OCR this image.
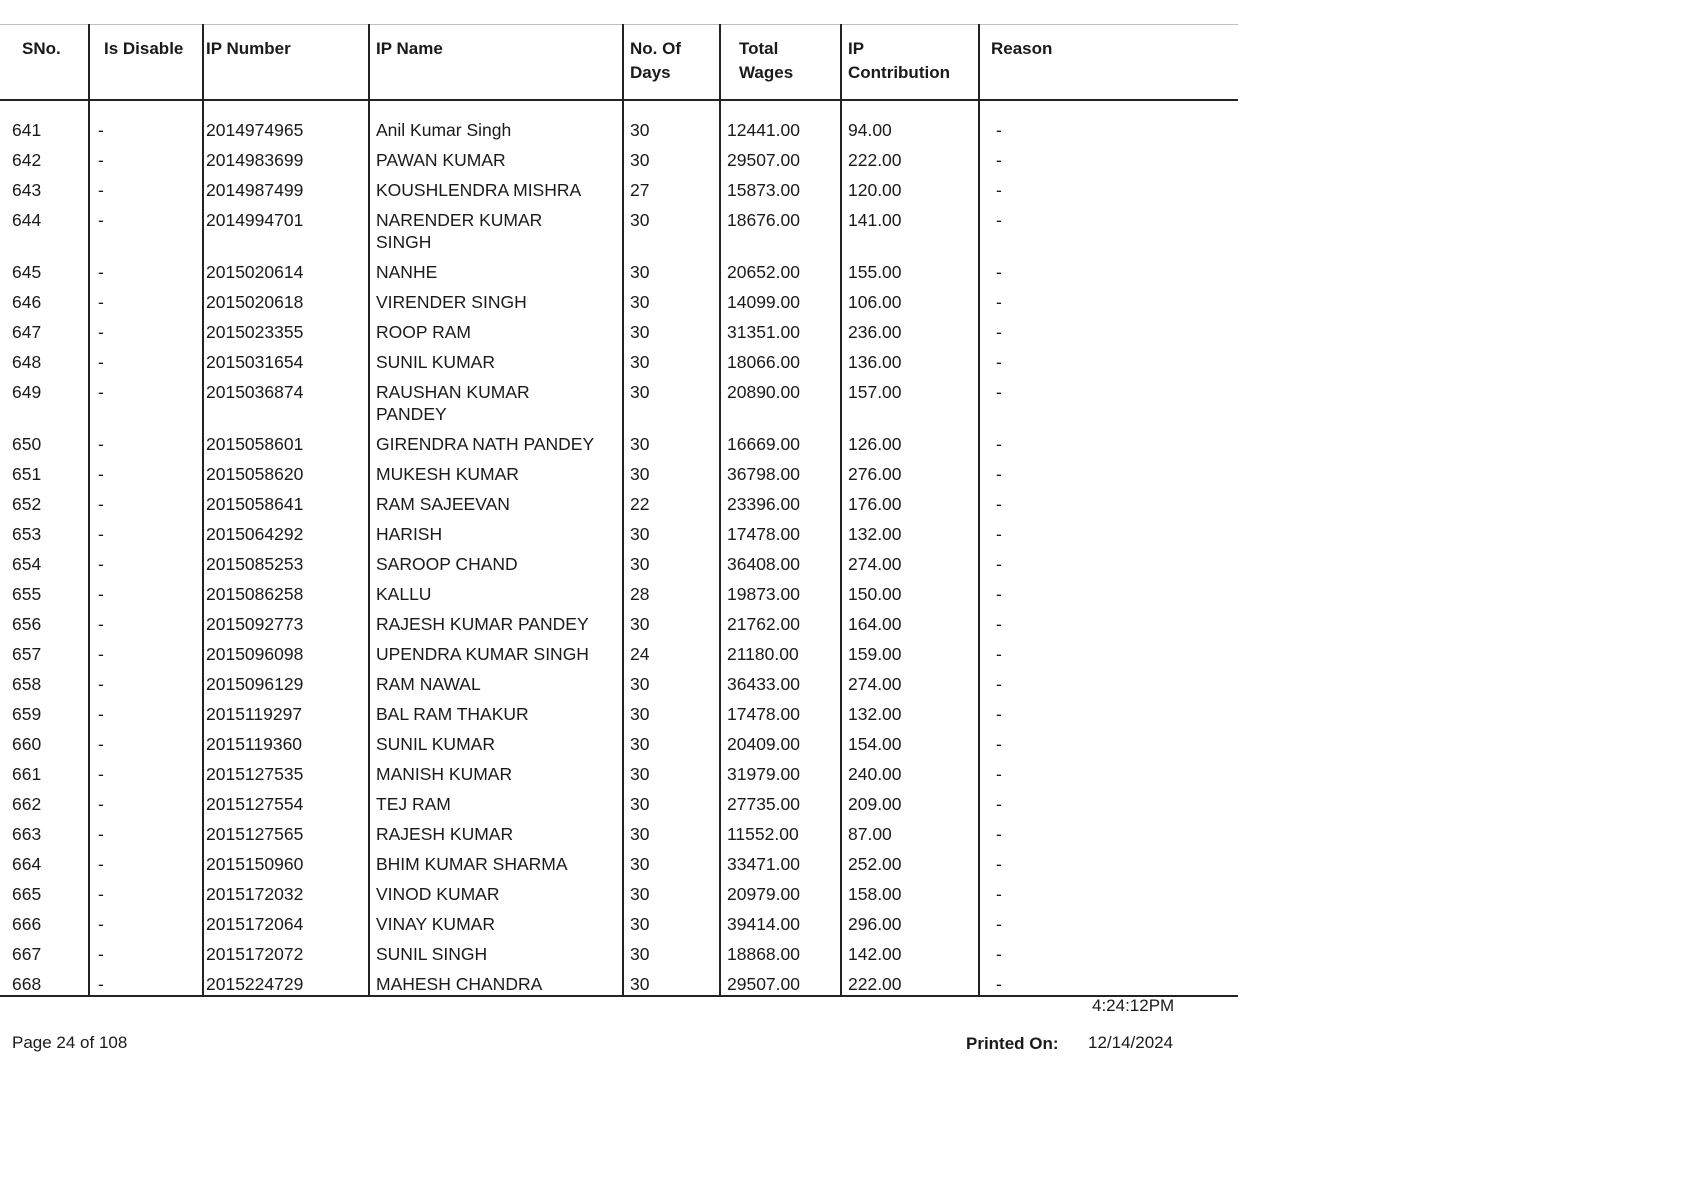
SNo.	Is Disable	IP Number	IP Name	No. Of Days	Total Wages	IP Contribution	Reason

641	-	2014974965	Anil Kumar Singh	30	12441.00	94.00	-
642	-	2014983699	PAWAN KUMAR	30	29507.00	222.00	-
643	-	2014987499	KOUSHLENDRA MISHRA	27	15873.00	120.00	-
644	-	2014994701	NARENDER KUMAR SINGH	30	18676.00	141.00	-
645	-	2015020614	NANHE	30	20652.00	155.00	-
646	-	2015020618	VIRENDER SINGH	30	14099.00	106.00	-
647	-	2015023355	ROOP RAM	30	31351.00	236.00	-
648	-	2015031654	SUNIL KUMAR	30	18066.00	136.00	-
649	-	2015036874	RAUSHAN KUMAR PANDEY	30	20890.00	157.00	-
650	-	2015058601	GIRENDRA NATH PANDEY	30	16669.00	126.00	-
651	-	2015058620	MUKESH KUMAR	30	36798.00	276.00	-
652	-	2015058641	RAM SAJEEVAN	22	23396.00	176.00	-
653	-	2015064292	HARISH	30	17478.00	132.00	-
654	-	2015085253	SAROOP CHAND	30	36408.00	274.00	-
655	-	2015086258	KALLU	28	19873.00	150.00	-
656	-	2015092773	RAJESH KUMAR PANDEY	30	21762.00	164.00	-
657	-	2015096098	UPENDRA KUMAR SINGH	24	21180.00	159.00	-
658	-	2015096129	RAM NAWAL	30	36433.00	274.00	-
659	-	2015119297	BAL RAM THAKUR	30	17478.00	132.00	-
660	-	2015119360	SUNIL KUMAR	30	20409.00	154.00	-
661	-	2015127535	MANISH KUMAR	30	31979.00	240.00	-
662	-	2015127554	TEJ RAM	30	27735.00	209.00	-
663	-	2015127565	RAJESH KUMAR	30	11552.00	87.00	-
664	-	2015150960	BHIM KUMAR SHARMA	30	33471.00	252.00	-
665	-	2015172032	VINOD KUMAR	30	20979.00	158.00	-
666	-	2015172064	VINAY KUMAR	30	39414.00	296.00	-
667	-	2015172072	SUNIL SINGH	30	18868.00	142.00	-
668	-	2015224729	MAHESH CHANDRA	30	29507.00	222.00	-
4:24:12PM
Page 24 of 108	Printed On: 12/14/2024
